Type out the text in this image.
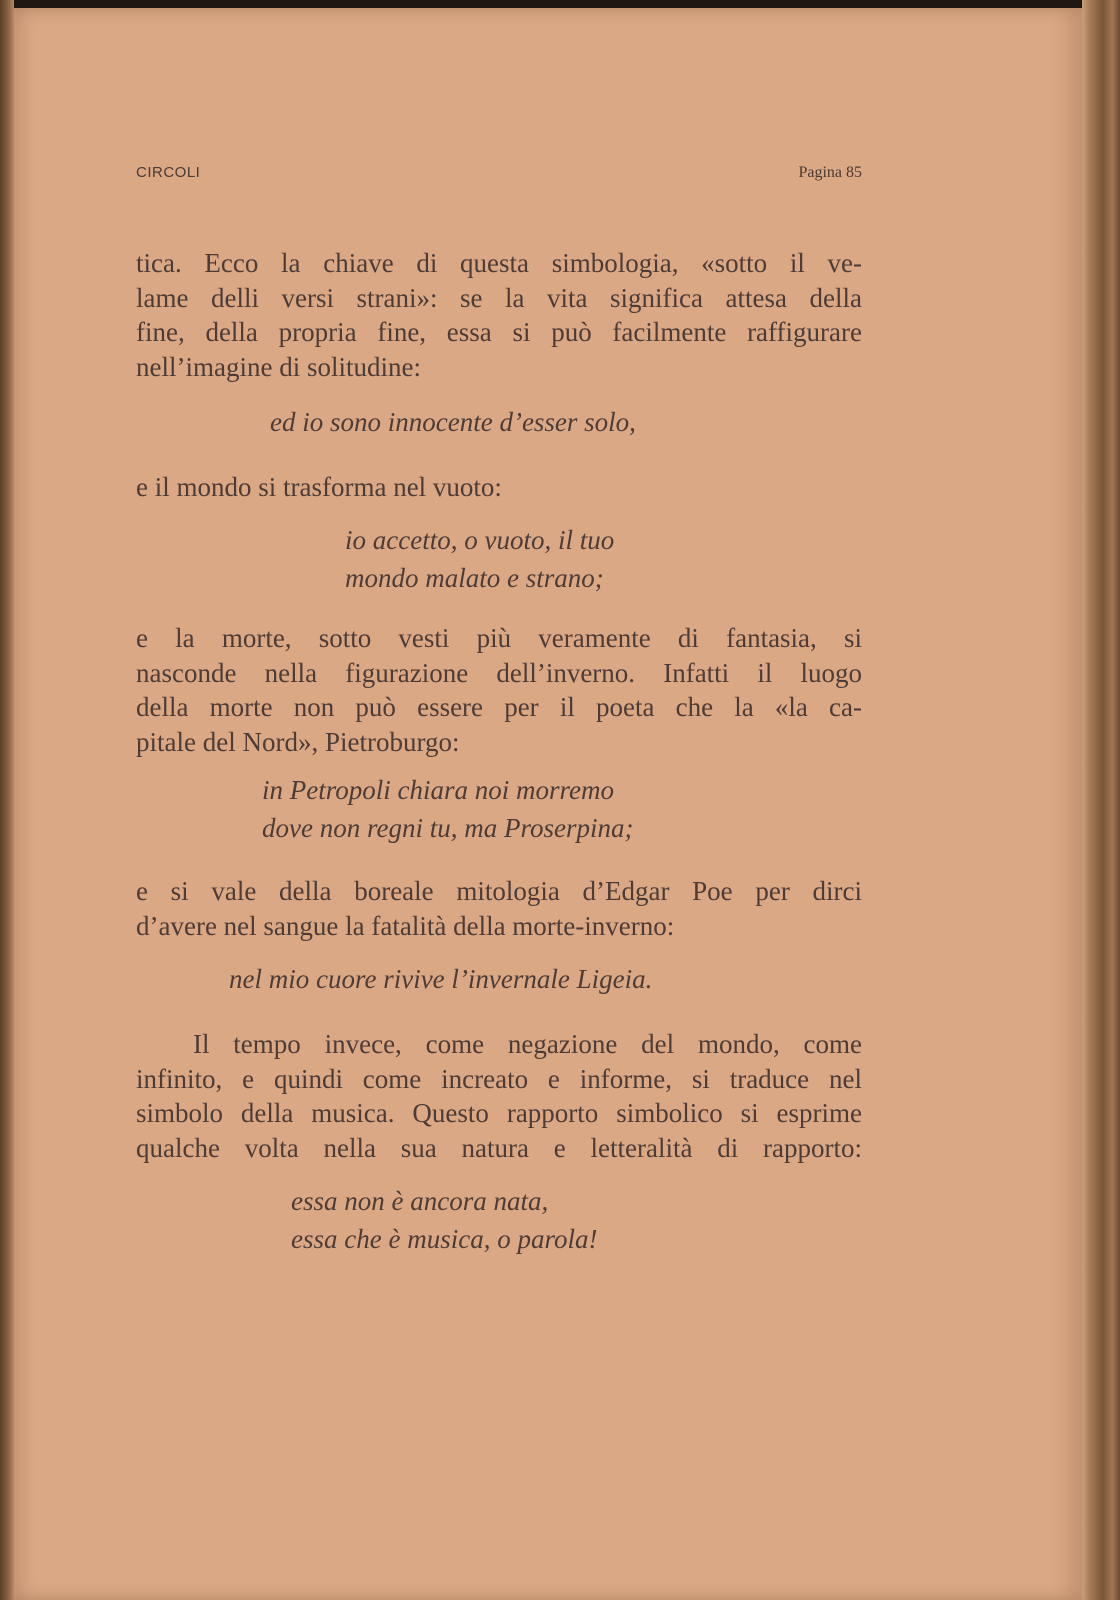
CIRCOLI	Pagina 85
tica. Ecco la chiave di questa simbologia, «sotto il ve-
lame delli versi strani»: se la vita significa attesa della
fine, della propria fine, essa si può facilmente raffigurare
nell’imagine di solitudine:
ed io sono innocente d’esser solo,
e il mondo si trasforma nel vuoto:
io accetto, o vuoto, il tuo
mondo malato e strano;
e la morte, sotto vesti più veramente di fantasia, si
nasconde nella figurazione dell’inverno. Infatti il luogo
della morte non può essere per il poeta che la «la ca-
pitale del Nord», Pietroburgo:
in Petropoli chiara noi morremo
dove non regni tu, ma Proserpina;
e si vale della boreale mitologia d’Edgar Poe per dirci
d’avere nel sangue la fatalità della morte-inverno:
nel mio cuore rivive l’invernale Ligeia.
Il tempo invece, come negazione del mondo, come
infinito, e quindi come increato e informe, si traduce nel
simbolo della musica. Questo rapporto simbolico si esprime
qualche volta nella sua natura e letteralità di rapporto:
essa non è ancora nata,
essa che è musica, o parola!
